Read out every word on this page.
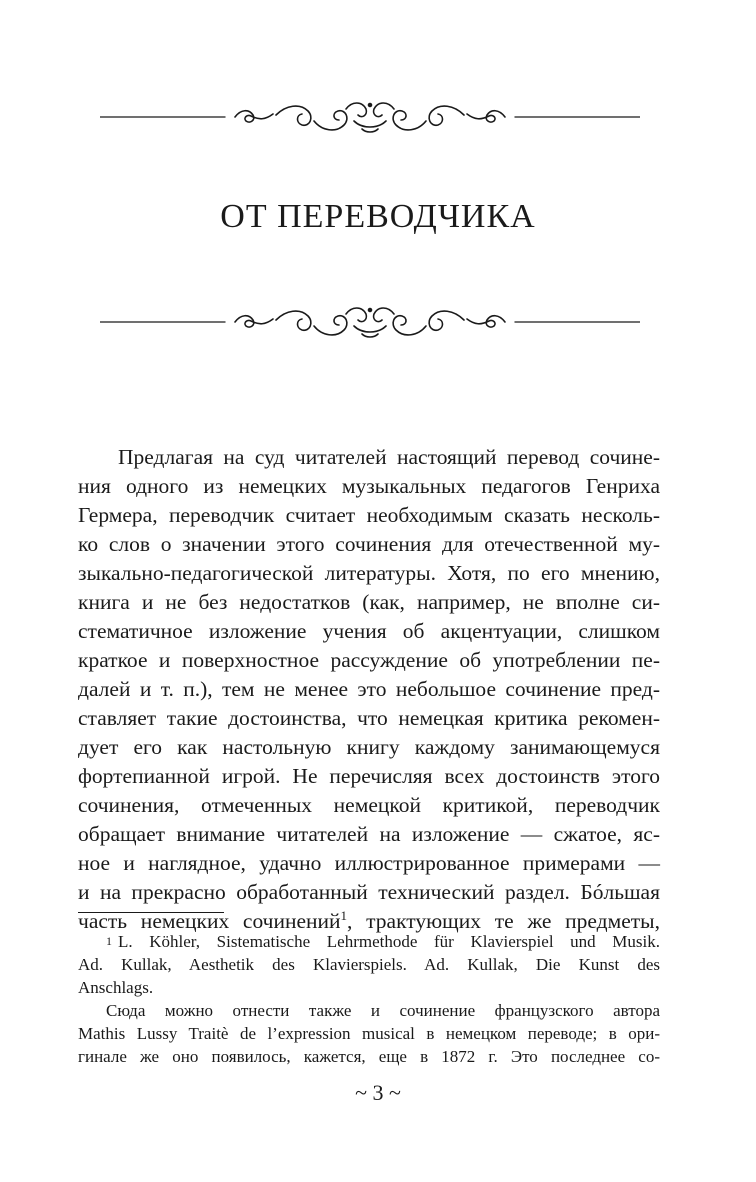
ОТ ПЕРЕВОДЧИКА
Предлагая на суд читателей настоящий перевод сочине-
ния одного из немецких музыкальных педагогов Генриха
Гермера, переводчик считает необходимым сказать несколь-
ко слов о значении этого сочинения для отечественной му-
зыкально-педагогической литературы. Хотя, по его мнению,
книга и не без недостатков (как, например, не вполне си-
стематичное изложение учения об акцентуации, слишком
краткое и поверхностное рассуждение об употреблении пе-
далей и т. п.), тем не менее это небольшое сочинение пред-
ставляет такие достоинства, что немецкая критика рекомен-
дует его как настольную книгу каждому занимающемуся
фортепианной игрой. Не перечисляя всех достоинств этого
сочинения, отмеченных немецкой критикой, переводчик
обращает внимание читателей на изложение — сжатое, яс-
ное и наглядное, удачно иллюстрированное примерами —
и на прекрасно обработанный технический раздел. Бóльшая
часть немецких сочинений$^1$, трактующих те же предметы,
$^1$ L. Köhler, Sistematische Lehrmethode für Klavierspiel und Musik.
Ad. Kullak, Aesthetik des Klavierspiels. Ad. Kullak, Die Kunst des
Anschlags.
Сюда можно отнести также и сочинение французского автора
Mathis Lussy Traitè de l’expression musical в немецком переводе; в ори-
гинале же оно появилось, кажется, еще в 1872 г. Это последнее со-
~ 3 ~
